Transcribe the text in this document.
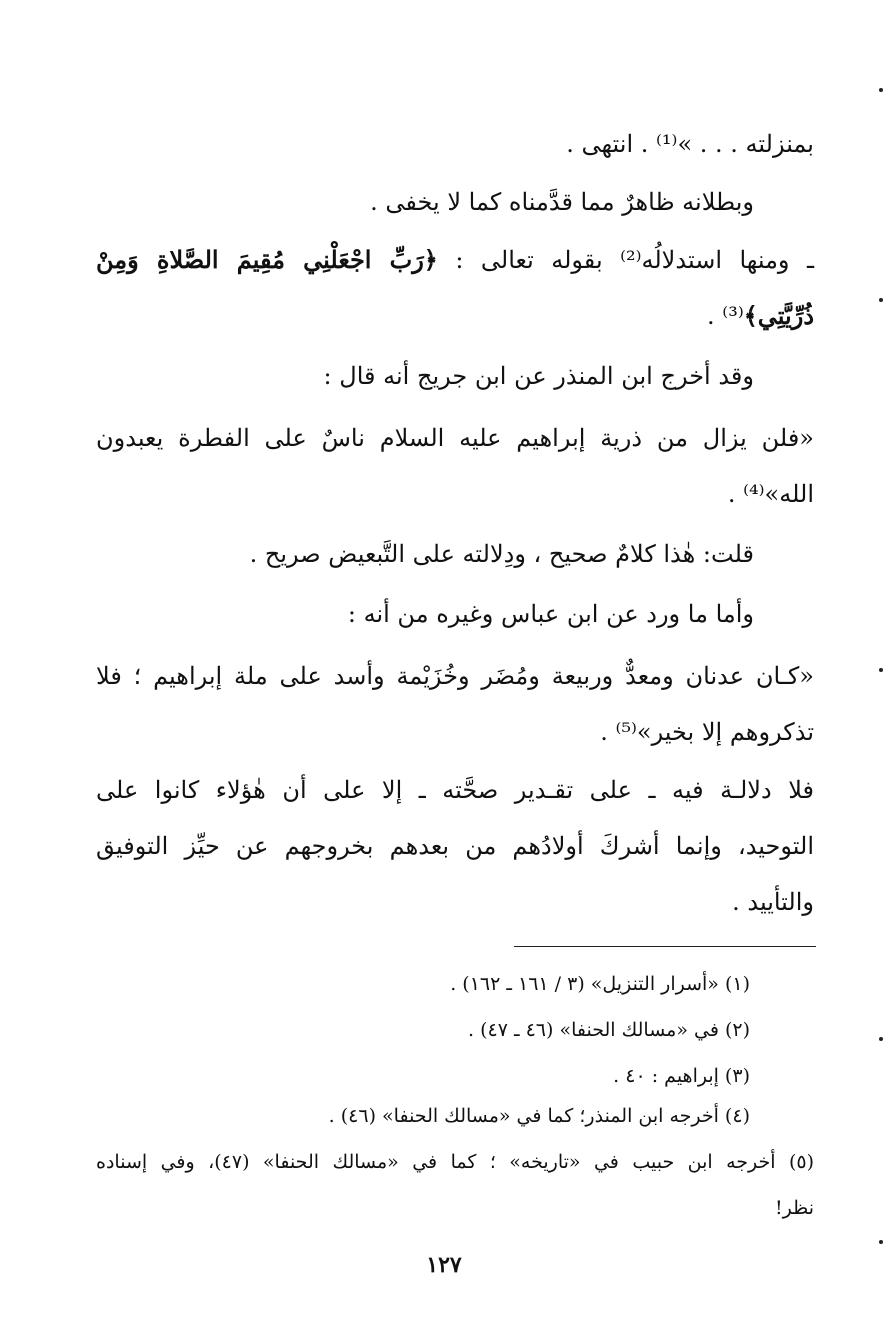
بمنزلته . . . »⁽¹⁾ . انتهى .
وبطلانه ظاهرٌ مما قدَّمناه كما لا يخفى .
ـ ومنها استدلالُه⁽²⁾ بقوله تعالى : ﴿رَبِّ اجْعَلْنِي مُقِيمَ الصَّلاةِ وَمِنْ
ذُرِّيَّتِي﴾⁽³⁾ .
وقد أخرج ابن المنذر عن ابن جريج أنه قال :
«فلن يزال من ذرية إبراهيم عليه السلام ناسٌ على الفطرة يعبدون
الله»⁽⁴⁾ .
قلت: هٰذا كلامٌ صحيح ، ودِلالته على التَّبعيض صريح .
وأما ما ورد عن ابن عباس وغيره من أنه :
«كـان عدنان ومعدٌّ وربيعة ومُضَر وخُزَيْمة وأسد على ملة إبراهيم ؛ فلا
تذكروهم إلا بخير»⁽⁵⁾ .
فلا دلالـة فيه ـ على تقـدير صحَّته ـ إلا على أن هٰؤلاء كانوا على
التوحيد، وإنما أشركَ أولادُهم من بعدهم بخروجهم عن حيِّز التوفيق
والتأييد .
(١) «أسرار التنزيل» (٣ / ١٦١ ـ ١٦٢) .
(٢) في «مسالك الحنفا» (٤٦ ـ ٤٧) .
(٣) إبراهيم : ٤٠ .
(٤) أخرجه ابن المنذر؛ كما في «مسالك الحنفا» (٤٦) .
(٥) أخرجه ابن حبيب في «تاريخه» ؛ كما في «مسالك الحنفا» (٤٧)، وفي إسناده
نظر!
١٢٧
